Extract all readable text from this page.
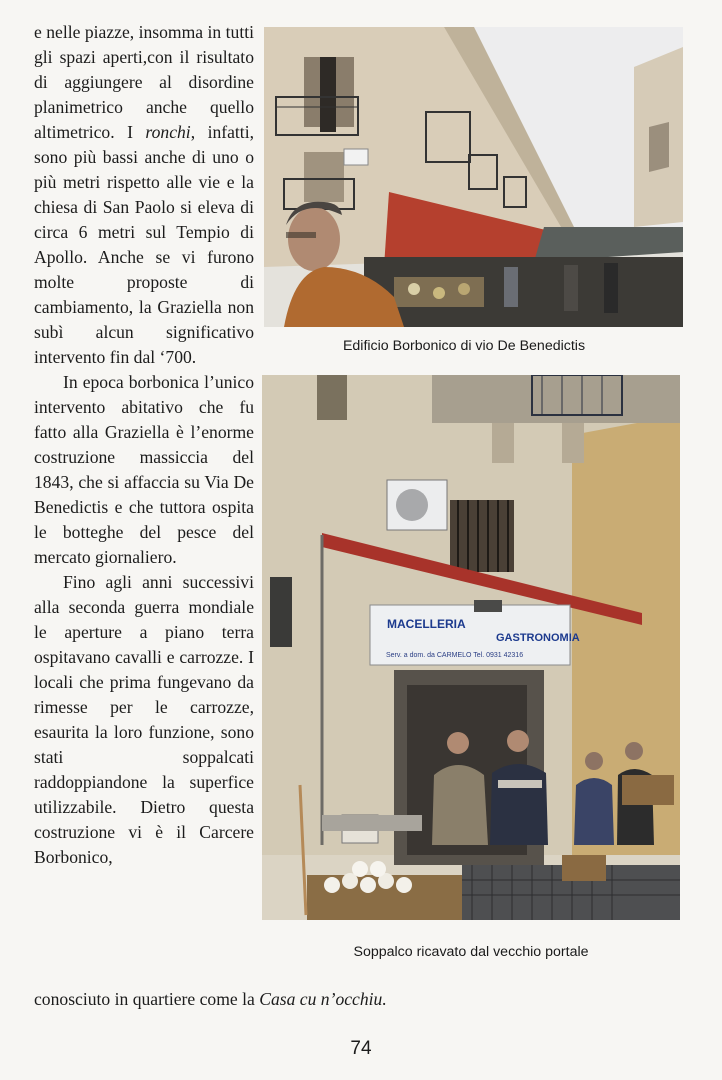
e nelle piazze, insomma in tutti gli spazi aperti,con il risultato di aggiungere al disordine planimetrico anche quello altimetrico. I ronchi, infatti, sono più bassi anche di uno o più metri rispetto alle vie e la chiesa di San Paolo si eleva di circa 6 metri sul Tempio di Apollo. Anche se vi furono molte proposte di cambiamento, la Graziella non subì alcun significativo intervento fin dal ‘700.

In epoca borbonica l’unico intervento abitativo che fu fatto alla Graziella è l’enorme costruzione massiccia del 1843, che si affaccia su Via De Benedictis e che tuttora ospita le botteghe del pesce del mercato giornaliero.

Fino agli anni successivi alla seconda guerra mondiale le aperture a piano terra ospitavano cavalli e carrozze. I locali che prima fungevano da rimesse per le carrozze, esaurita la loro funzione, sono stati soppalcati raddoppiandone la superfice utilizzabile. Dietro questa costruzione vi è il Carcere Borbonico,

conosciuto in quartiere come la Casa cu n’occhiu.
Edificio Borbonico di vio De Benedictis
MACELLERIA
GASTRONOMIA
Serv. a dom. da CARMELO Tel. 0931 42316
Soppalco ricavato dal vecchio portale
74
